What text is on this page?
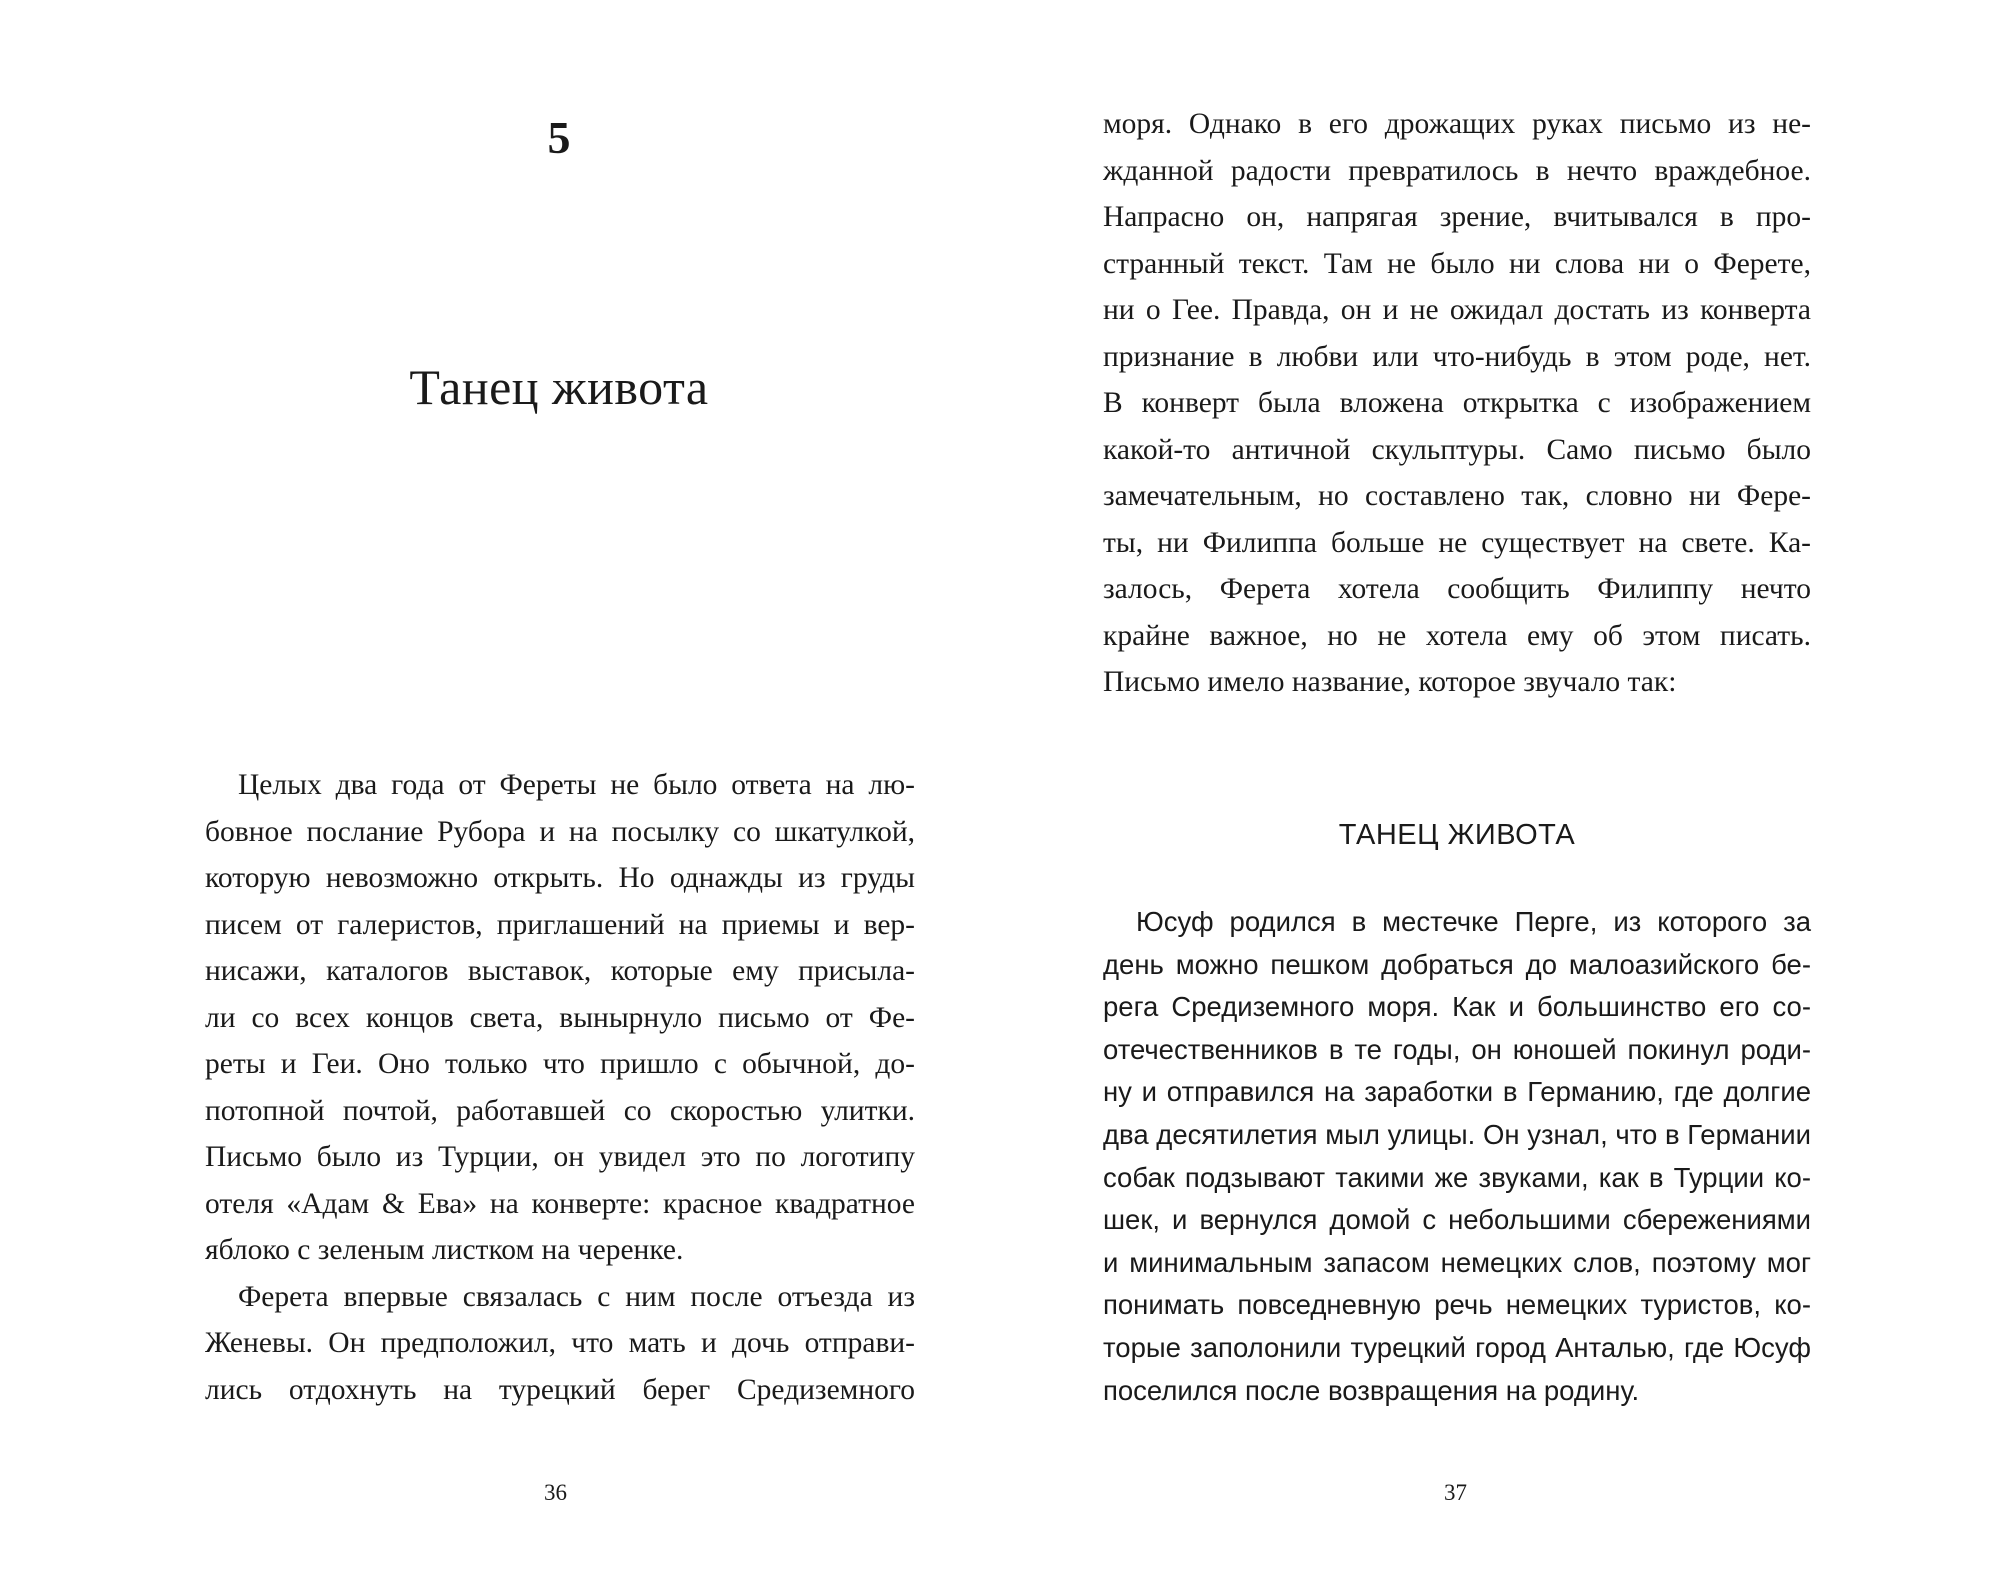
5
Танец живота
Целых два года от Фереты не было ответа на лю-
бовное послание Рубора и на посылку со шкатулкой,
которую невозможно открыть. Но однажды из груды
писем от галеристов, приглашений на приемы и вер-
нисажи, каталогов выставок, которые ему присыла-
ли со всех концов света, вынырнуло письмо от Фе-
реты и Геи. Оно только что пришло с обычной, до-
потопной почтой, работавшей со скоростью улитки.
Письмо было из Турции, он увидел это по логотипу
отеля «Адам & Ева» на конверте: красное квадратное
яблоко с зеленым листком на черенке.
Ферета впервые связалась с ним после отъезда из
Женевы. Он предположил, что мать и дочь отправи-
лись отдохнуть на турецкий берег Средиземного
36
моря. Однако в его дрожащих руках письмо из не-
жданной радости превратилось в нечто враждебное.
Напрасно он, напрягая зрение, вчитывался в про-
странный текст. Там не было ни слова ни о Ферете,
ни о Гее. Правда, он и не ожидал достать из конверта
признание в любви или что-нибудь в этом роде, нет.
В конверт была вложена открытка с изображением
какой-то античной скульптуры. Само письмо было
замечательным, но составлено так, словно ни Фере-
ты, ни Филиппа больше не существует на свете. Ка-
залось, Ферета хотела сообщить Филиппу нечто
крайне важное, но не хотела ему об этом писать.
Письмо имело название, которое звучало так:
ТАНЕЦ ЖИВОТА
Юсуф родился в местечке Перге, из которого за
день можно пешком добраться до малоазийского бе-
рега Средиземного моря. Как и большинство его со-
отечественников в те годы, он юношей покинул роди-
ну и отправился на заработки в Германию, где долгие
два десятилетия мыл улицы. Он узнал, что в Германии
собак подзывают такими же звуками, как в Турции ко-
шек, и вернулся домой с небольшими сбережениями
и минимальным запасом немецких слов, поэтому мог
понимать повседневную речь немецких туристов, ко-
торые заполонили турецкий город Анталью, где Юсуф
поселился после возвращения на родину.
37
